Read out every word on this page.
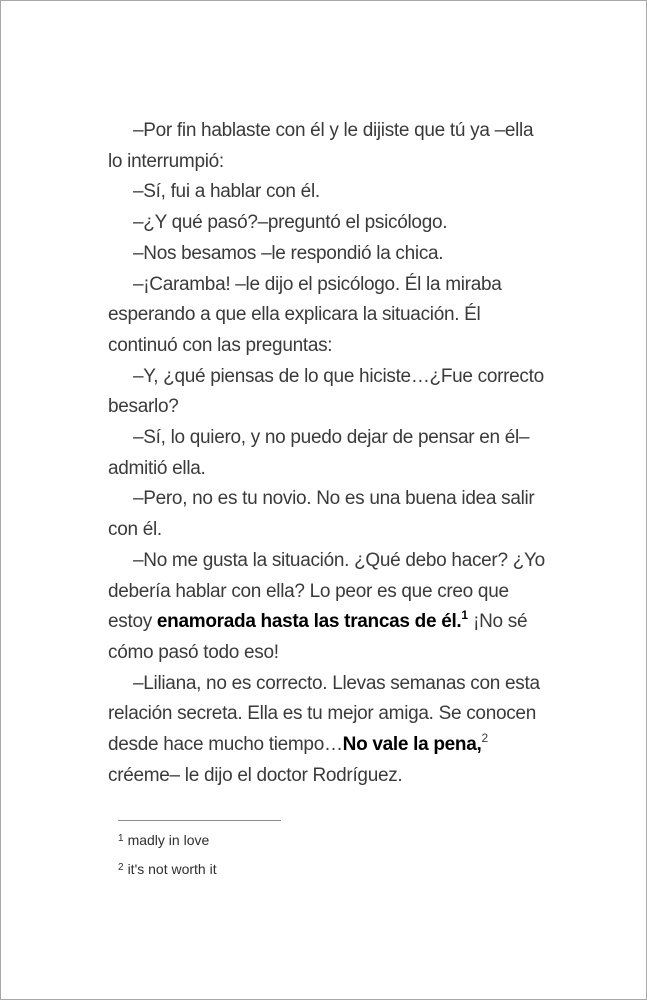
–Por fin hablaste con él y le dijiste que tú ya –ella
lo interrumpió:
–Sí, fui a hablar con él.
–¿Y qué pasó?–preguntó el psicólogo.
–Nos besamos –le respondió la chica.
–¡Caramba! –le dijo el psicólogo. Él la miraba
esperando a que ella explicara la situación. Él
continuó con las preguntas:
–Y, ¿qué piensas de lo que hiciste…¿Fue correcto
besarlo?
–Sí, lo quiero, y no puedo dejar de pensar en él–
admitió ella.
–Pero, no es tu novio. No es una buena idea salir
con él.
–No me gusta la situación. ¿Qué debo hacer? ¿Yo
debería hablar con ella? Lo peor es que creo que
estoy enamorada hasta las trancas de él.$^1$ ¡No sé
cómo pasó todo eso!
–Liliana, no es correcto. Llevas semanas con esta
relación secreta. Ella es tu mejor amiga. Se conocen
desde hace mucho tiempo…No vale la pena,$^2$
créeme– le dijo el doctor Rodríguez.
$^1$ madly in love
$^2$ it's not worth it
